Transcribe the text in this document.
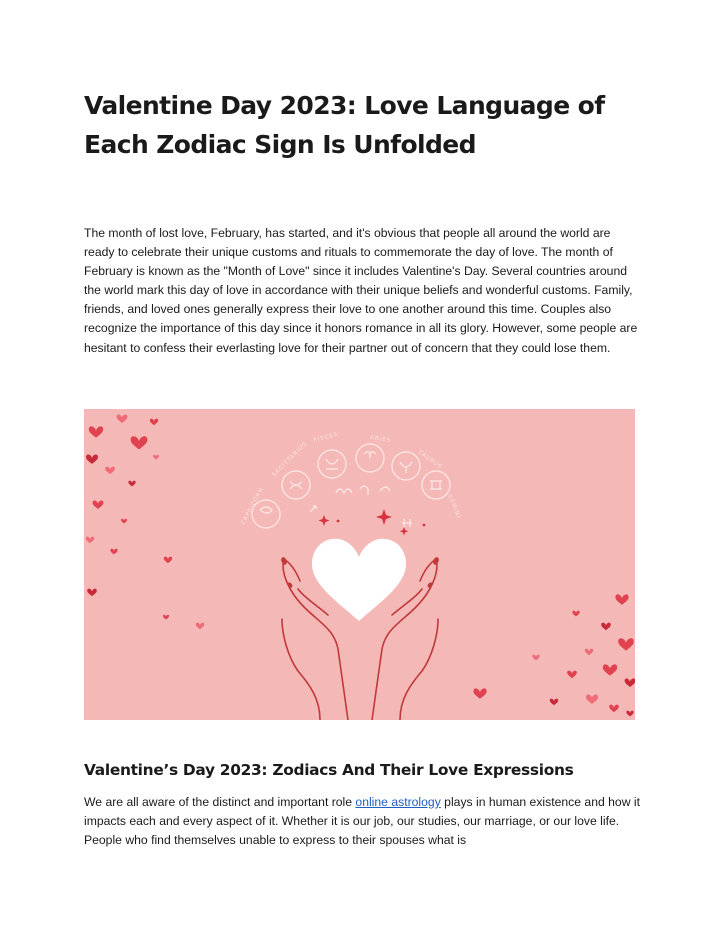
Valentine Day 2023: Love Language of Each Zodiac Sign Is Unfolded

The month of lost love, February, has started, and it's obvious that people all around the world are ready to celebrate their unique customs and rituals to commemorate the day of love. The month of February is known as the "Month of Love" since it includes Valentine's Day. Several countries around the world mark this day of love in accordance with their unique beliefs and wonderful customs. Family, friends, and loved ones generally express their love to one another around this time. Couples also recognize the importance of this day since it honors romance in all its glory. However, some people are hesitant to confess their everlasting love for their partner out of concern that they could lose them.

CAPRICORN
SAGITTARIUS
PISCES	ARIES
TAURUS
GEMINI
Valentine’s Day 2023: Zodiacs And Their Love Expressions

We are all aware of the distinct and important role online astrology plays in human existence and how it impacts each and every aspect of it. Whether it is our job, our studies, our marriage, or our love life. People who find themselves unable to express to their spouses what is
